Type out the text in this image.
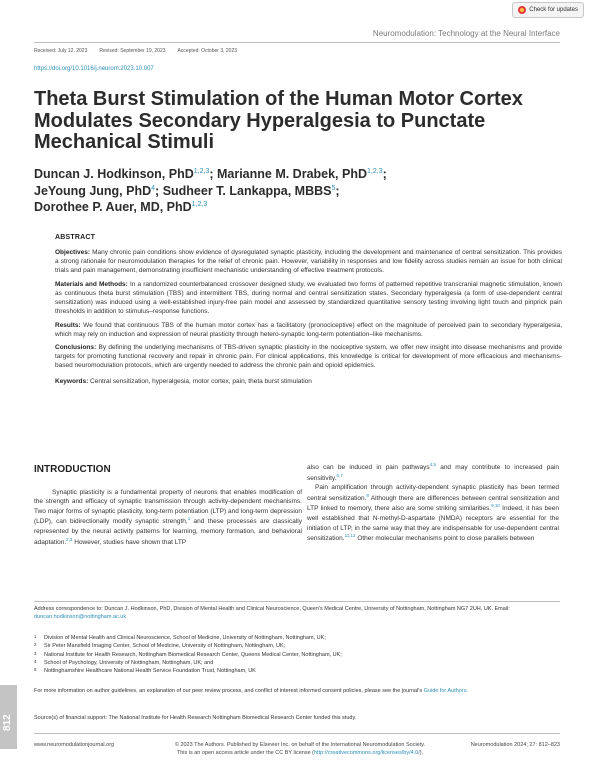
Check for updates
Neuromodulation: Technology at the Neural Interface
Received: July 12, 2023 Revised: September 19, 2023 Accepted: October 3, 2023
https://doi.org/10.1016/j.neurom.2023.10.007
Theta Burst Stimulation of the Human Motor Cortex Modulates Secondary Hyperalgesia to Punctate Mechanical Stimuli
Duncan J. Hodkinson, PhD$^{1,2,3}$; Marianne M. Drabek, PhD$^{1,2,3}$;
JeYoung Jung, PhD$^4$; Sudheer T. Lankappa, MBBS$^5$;
Dorothee P. Auer, MD, PhD$^{1,2,3}$
ABSTRACT

Objectives: Many chronic pain conditions show evidence of dysregulated synaptic plasticity, including the development and maintenance of central sensitization. This provides a strong rationale for neuromodulation therapies for the relief of chronic pain. However, variability in responses and low fidelity across studies remain an issue for both clinical trials and pain management, demonstrating insufficient mechanistic understanding of effective treatment protocols.

Materials and Methods: In a randomized counterbalanced crossover designed study, we evaluated two forms of patterned repetitive transcranial magnetic stimulation, known as continuous theta burst stimulation (TBS) and intermittent TBS, during normal and central sensitization states. Secondary hyperalgesia (a form of use-dependent central sensitization) was induced using a well-established injury-free pain model and assessed by standardized quantitative sensory testing involving light touch and pinprick pain thresholds in addition to stimulus–response functions.

Results: We found that continuous TBS of the human motor cortex has a facilitatory (pronociceptive) effect on the magnitude of perceived pain to secondary hyperalgesia, which may rely on induction and expression of neural plasticity through hetero-synaptic long-term potentiation–like mechanisms.

Conclusions: By defining the underlying mechanisms of TBS-driven synaptic plasticity in the nociceptive system, we offer new insight into disease mechanisms and provide targets for promoting functional recovery and repair in chronic pain. For clinical applications, this knowledge is critical for development of more efficacious and mechanisms-based neuromodulation protocols, which are urgently needed to address the chronic pain and opioid epidemics.

Keywords: Central sensitization, hyperalgesia, motor cortex, pain, theta burst stimulation

INTRODUCTION
Synaptic plasticity is a fundamental property of neurons that enables modification of the strength and efficacy of synaptic transmission through activity-dependent mechanisms. Two major forms of synaptic plasticity, long-term potentiation (LTP) and long-term depression (LDP), can bidirectionally modify synaptic strength,$^1$ and these processes are classically represented by the neural activity patterns for learning, memory formation, and behavioral adaptation.$^{2,3}$ However, studies have shown that LTP

also can be induced in pain pathways$^{4,5}$ and may contribute to increased pain sensitivity.$^{6,7}$

Pain amplification through activity-dependent synaptic plasticity has been termed central sensitization.$^8$ Although there are differences between central sensitization and LTP linked to memory, there also are some striking similarities.$^{9,10}$ Indeed, it has been well established that N-methyl-D-aspartate (NMDA) receptors are essential for the initiation of LTP, in the same way that they are indispensable for use-dependent central sensitization.$^{11,12}$ Other molecular mechanisms point to close parallels between

Address correspondence to: Duncan J. Hodkinson, PhD, Division of Mental Health and Clinical Neuroscience, Queen's Medical Centre, University of Nottingham, Nottingham NG7 2UH, UK. Email: duncan.hodkinson@nottingham.ac.uk
1 Division of Mental Health and Clinical Neuroscience, School of Medicine, University of Nottingham, Nottingham, UK;
2 Sir Peter Mansfield Imaging Center, School of Medicine, University of Nottingham, Nottingham, UK;
3 National Institute for Health Research, Nottingham Biomedical Research Center, Queens Medical Center, Nottingham, UK;
4 School of Psychology, University of Nottingham, Nottingham, UK; and
5 Nottinghamshire Healthcare National Health Service Foundation Trust, Nottingham, UK
For more information on author guidelines, an explanation of our peer review process, and conflict of interest informed consent policies, please see the journal's Guide for Authors.
Source(s) of financial support: The National Institute for Health Research Nottingham Biomedical Research Center funded this study.
www.neuromodulationjournal.org	© 2023 The Authors. Published by Elsevier Inc. on behalf of the International Neuromodulation Society. This is an open access article under the CC BY license (http://creativecommons.org/licenses/by/4.0/).
Neuromodulation 2024; 27: 812–823
812
